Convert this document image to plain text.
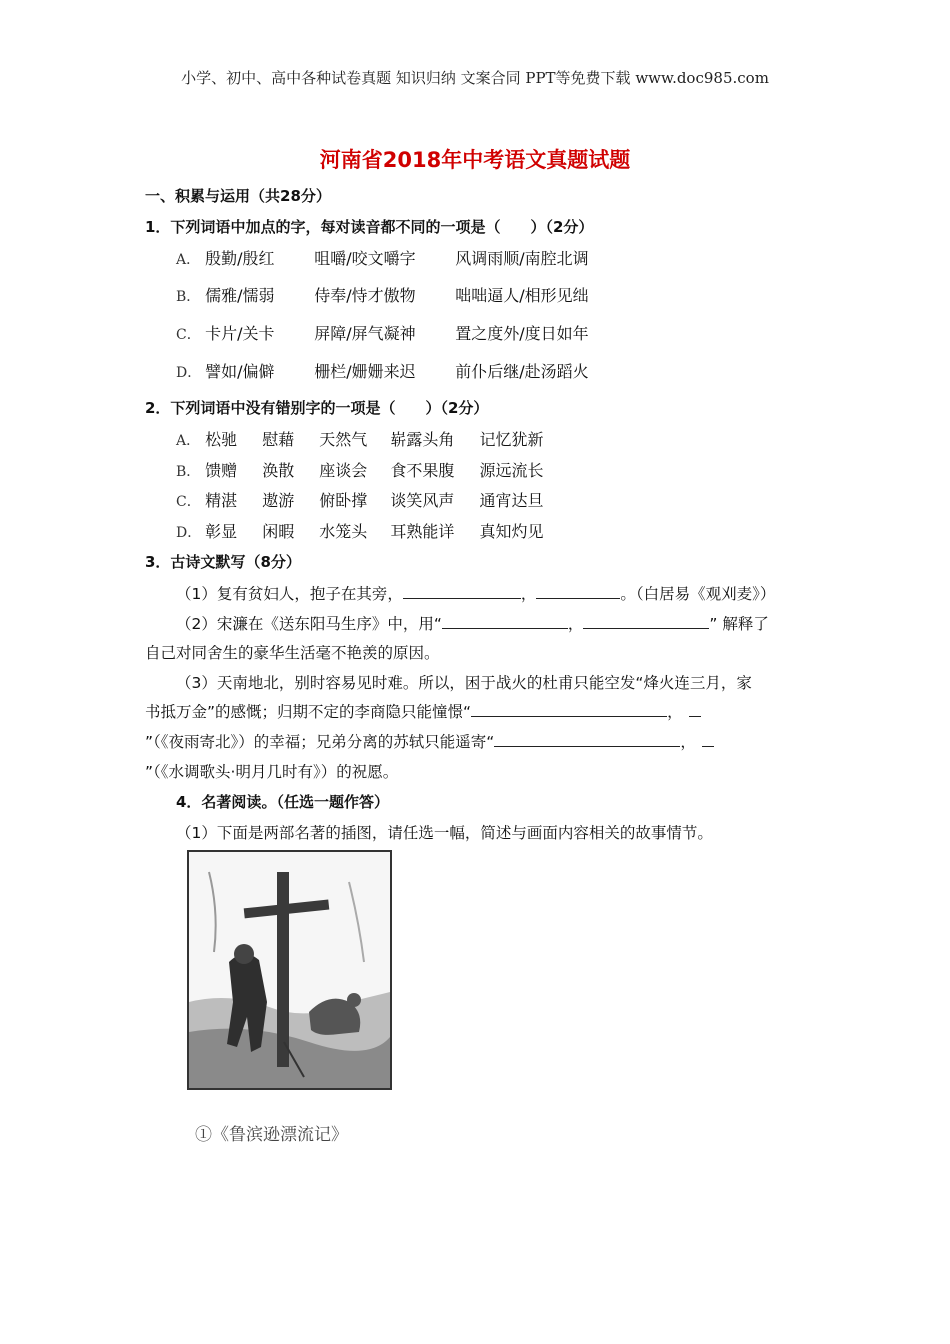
小学、初中、高中各种试卷真题 知识归纳 文案合同 PPT等免费下载 www.doc985.com
河南省2018年中考语文真题试题
一、积累与运用（共28分）
1．下列词语中加点的字，每对读音都不同的一项是（　　）（2分）
A． 殷勤/殷红 咀嚼/咬文嚼字 风调雨顺/南腔北调
B． 儒雅/懦弱 侍奉/恃才傲物 咄咄逼人/相形见绌
C． 卡片/关卡 屏障/屏气凝神 置之度外/度日如年
D． 譬如/偏僻 栅栏/姗姗来迟 前仆后继/赴汤蹈火
2．下列词语中没有错别字的一项是（　　）（2分）
A． 松驰 慰藉 天然气 崭露头角 记忆犹新
B． 馈赠 涣散 座谈会 食不果腹 源远流长
C． 精湛 遨游 俯卧撑 谈笑风声 通宵达旦
D． 彰显 闲暇 水笼头 耳熟能详 真知灼见
3．古诗文默写（8分）
（1）复有贫妇人，抱子在其旁，	，	。（白居易《观刈麦》）
（2）宋濂在《送东阳马生序》中，用“	，	” 解释了
自己对同舍生的豪华生活毫不艳羡的原因。
（3）天南地北，别时容易见时难。所以，困于战火的杜甫只能空发“烽火连三月，家
书抵万金”的感慨；归期不定的李商隐只能憧憬“	，
”（《夜雨寄北》）的幸福；兄弟分离的苏轼只能遥寄“	，
”（《水调歌头·明月几时有》）的祝愿。
4．名著阅读。（任选一题作答）
（1）下面是两部名著的插图，请任选一幅，简述与画面内容相关的故事情节。
①《鲁滨逊漂流记》
